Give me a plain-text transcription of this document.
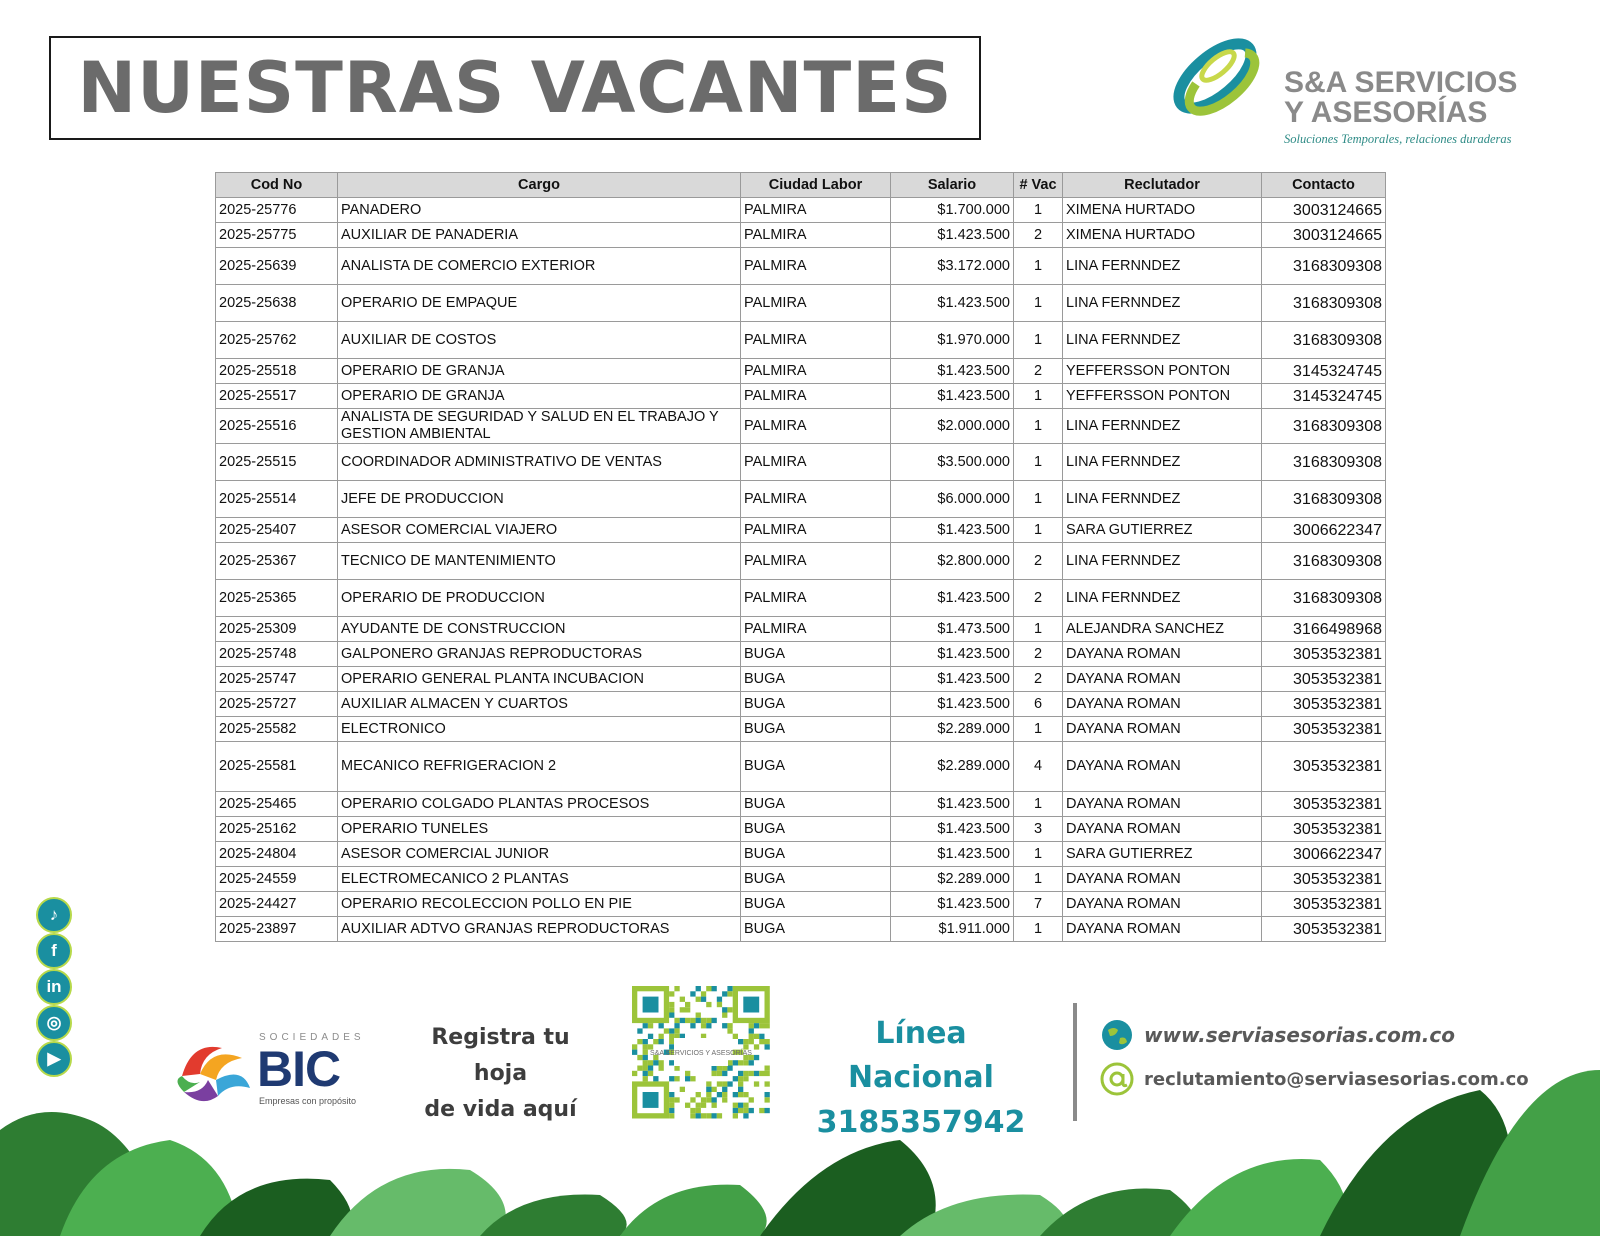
NUESTRAS VACANTES	S&A SERVICIOS
Y ASESORÍAS
Soluciones Temporales, relaciones duraderas
Cod No	Cargo	Ciudad Labor	Salario	# Vac	Reclutador	Contacto
2025-25776	PANADERO	PALMIRA	$1.700.000	1	XIMENA HURTADO	3003124665
2025-25775	AUXILIAR DE PANADERIA	PALMIRA	$1.423.500	2	XIMENA HURTADO	3003124665
2025-25639	ANALISTA DE COMERCIO EXTERIOR	PALMIRA	$3.172.000	1	LINA FERNNDEZ	3168309308
2025-25638	OPERARIO DE EMPAQUE	PALMIRA	$1.423.500	1	LINA FERNNDEZ	3168309308
2025-25762	AUXILIAR DE COSTOS	PALMIRA	$1.970.000	1	LINA FERNNDEZ	3168309308
2025-25518	OPERARIO DE GRANJA	PALMIRA	$1.423.500	2	YEFFERSSON PONTON	3145324745
2025-25517	OPERARIO DE GRANJA	PALMIRA	$1.423.500	1	YEFFERSSON PONTON	3145324745
2025-25516	ANALISTA DE SEGURIDAD Y SALUD EN EL TRABAJO Y GESTION AMBIENTAL	PALMIRA	$2.000.000	1	LINA FERNNDEZ	3168309308
2025-25515	COORDINADOR ADMINISTRATIVO DE VENTAS	PALMIRA	$3.500.000	1	LINA FERNNDEZ	3168309308
2025-25514	JEFE DE PRODUCCION	PALMIRA	$6.000.000	1	LINA FERNNDEZ	3168309308
2025-25407	ASESOR COMERCIAL VIAJERO	PALMIRA	$1.423.500	1	SARA GUTIERREZ	3006622347
2025-25367	TECNICO DE MANTENIMIENTO	PALMIRA	$2.800.000	2	LINA FERNNDEZ	3168309308
2025-25365	OPERARIO DE PRODUCCION	PALMIRA	$1.423.500	2	LINA FERNNDEZ	3168309308
2025-25309	AYUDANTE DE CONSTRUCCION	PALMIRA	$1.473.500	1	ALEJANDRA SANCHEZ	3166498968
2025-25748	GALPONERO GRANJAS REPRODUCTORAS	BUGA	$1.423.500	2	DAYANA ROMAN	3053532381
2025-25747	OPERARIO GENERAL PLANTA INCUBACION	BUGA	$1.423.500	2	DAYANA ROMAN	3053532381
2025-25727	AUXILIAR ALMACEN Y CUARTOS	BUGA	$1.423.500	6	DAYANA ROMAN	3053532381
2025-25582	ELECTRONICO	BUGA	$2.289.000	1	DAYANA ROMAN	3053532381
2025-25581	MECANICO REFRIGERACION 2	BUGA	$2.289.000	4	DAYANA ROMAN	3053532381
2025-25465	OPERARIO COLGADO PLANTAS PROCESOS	BUGA	$1.423.500	1	DAYANA ROMAN	3053532381
2025-25162	OPERARIO TUNELES	BUGA	$1.423.500	3	DAYANA ROMAN	3053532381
2025-24804	ASESOR COMERCIAL JUNIOR	BUGA	$1.423.500	1	SARA GUTIERREZ	3006622347
2025-24559	ELECTROMECANICO 2 PLANTAS	BUGA	$2.289.000	1	DAYANA ROMAN	3053532381
2025-24427	OPERARIO RECOLECCION POLLO EN PIE	BUGA	$1.423.500	7	DAYANA ROMAN	3053532381
2025-23897	AUXILIAR ADTVO GRANJAS REPRODUCTORAS	BUGA	$1.911.000	1	DAYANA ROMAN	3053532381
♪
f
in
◎
▶
SOCIEDADES
BIC
Empresas con propósito
Registra tu hoja
de vida aquí
S&A SERVICIOS Y ASESORÍAS
Línea Nacional
3185357942
www.serviasesorias.com.co
reclutamiento@serviasesorias.com.co
